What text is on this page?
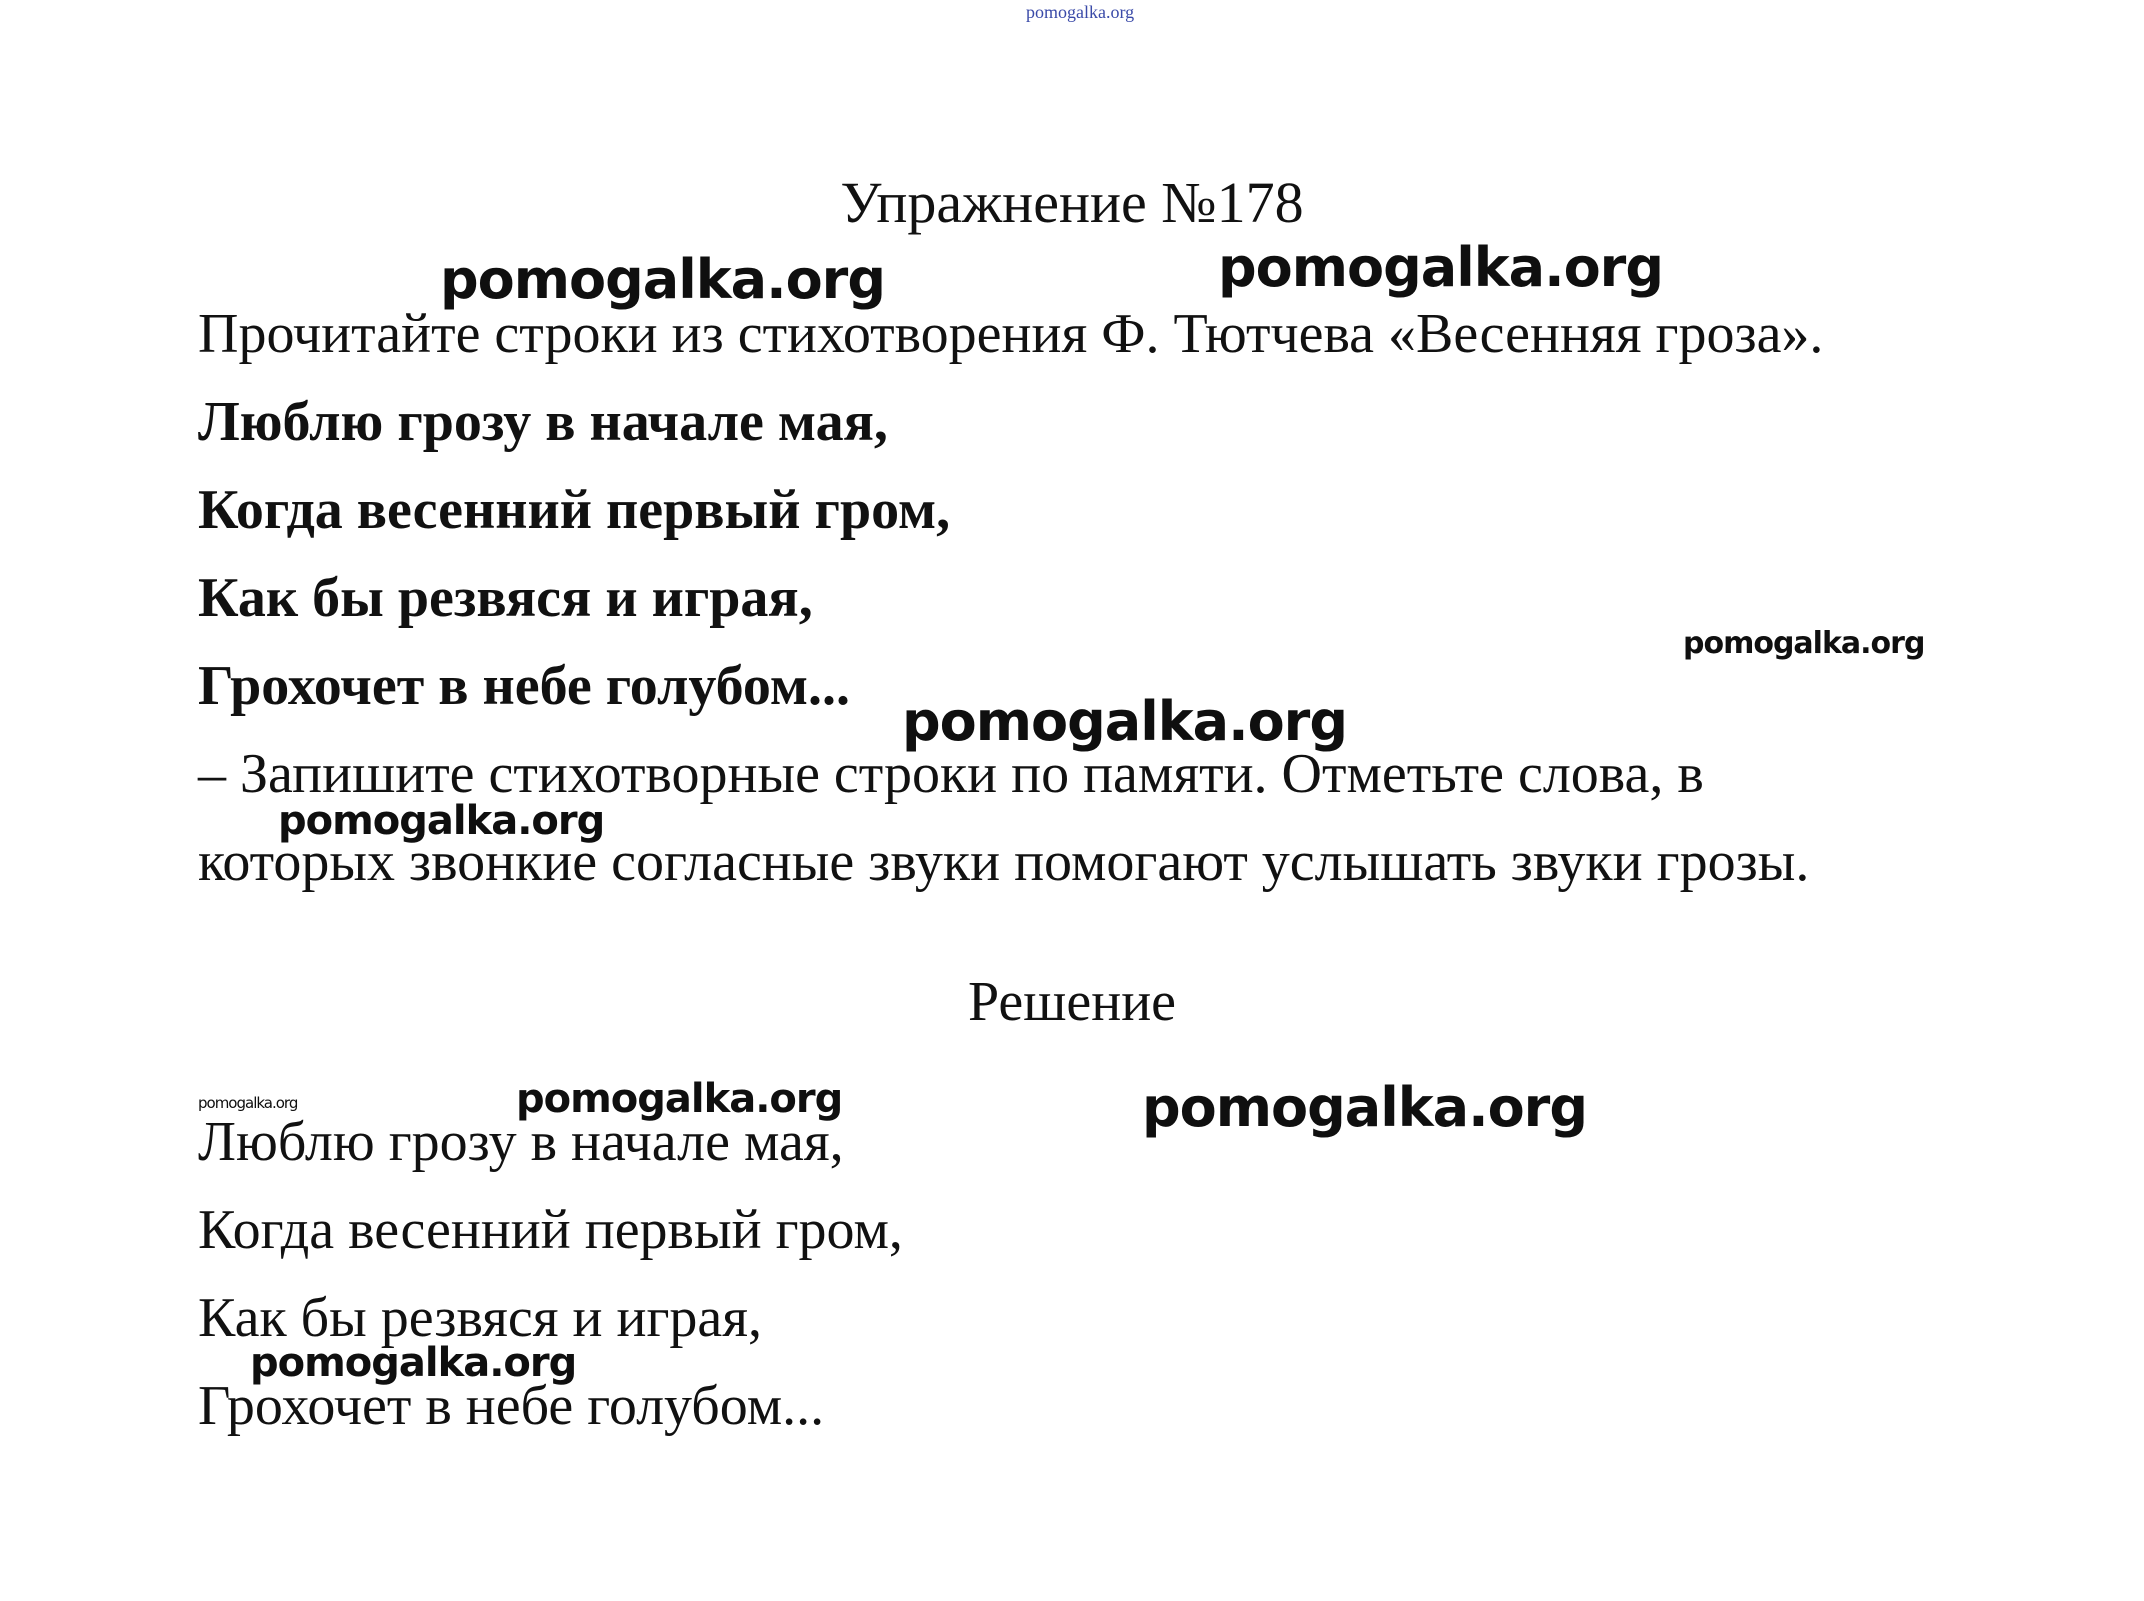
pomogalka.org
Упражнение №178
Прочитайте строки из стихотворения Ф. Тютчева «Весенняя гроза».
Люблю грозу в начале мая,
Когда весенний первый гром,
Как бы резвяся и играя,
Грохочет в небе голубом...
– Запишите стихотворные строки по памяти. Отметьте слова, в
которых звонкие согласные звуки помогают услышать звуки грозы.
Решение
Люблю грозу в начале мая,
Когда весенний первый гром,
Как бы резвяся и играя,
Грохочет в небе голубом...
pomogalka.org	pomogalka.org
pomogalka.org
pomogalka.org
pomogalka.org
pomogalka.org	pomogalka.org	pomogalka.org
pomogalka.org
